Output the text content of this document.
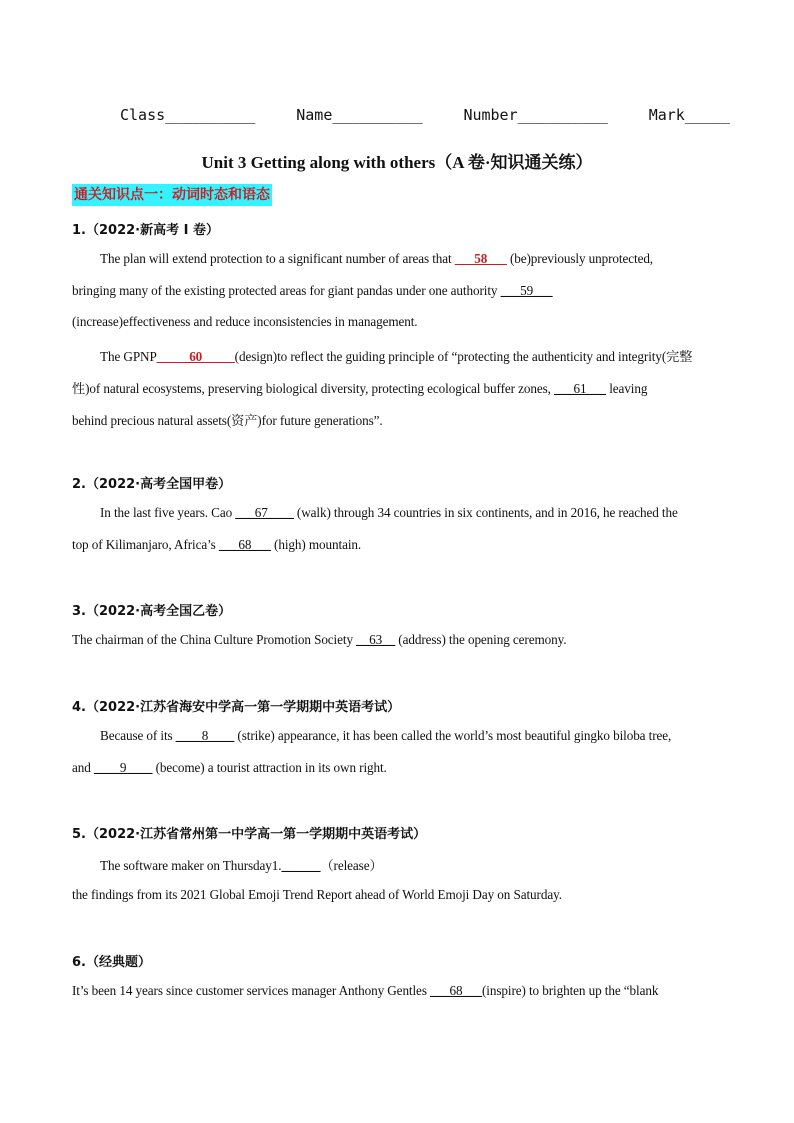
Class__________	Name__________	Number__________	Mark_____
Unit 3 Getting along with others（A 卷·知识通关练）
通关知识点一：动词时态和语态
1.（2022·新高考 I 卷）
The plan will extend protection to a significant number of areas that ___58___ (be)previously unprotected,
bringing many of the existing protected areas for giant pandas under one authority ___59___
(increase)effectiveness and reduce inconsistencies in management.
The GPNP_____60_____(design)to reflect the guiding principle of “protecting the authenticity and integrity(完整
性)of natural ecosystems, preserving biological diversity, protecting ecological buffer zones, ___61___ leaving
behind precious natural assets(资产)for future generations”.
2.（2022·高考全国甲卷）
In the last five years. Cao ___67____ (walk) through 34 countries in six continents, and in 2016, he reached the
top of Kilimanjaro, Africa’s ___68___ (high) mountain.
3.（2022·高考全国乙卷）
The chairman of the China Culture Promotion Society __63__ (address) the opening ceremony.
4.（2022·江苏省海安中学高一第一学期期中英语考试）
Because of its ____8____ (strike) appearance, it has been called the world’s most beautiful gingko biloba tree,
and ____9____ (become) a tourist attraction in its own right.
5.（2022·江苏省常州第一中学高一第一学期期中英语考试）
The software maker on Thursday1.______（release）
the findings from its 2021 Global Emoji Trend Report ahead of World Emoji Day on Saturday.
6.（经典题）
It’s been 14 years since customer services manager Anthony Gentles ___68___(inspire) to brighten up the “blank
